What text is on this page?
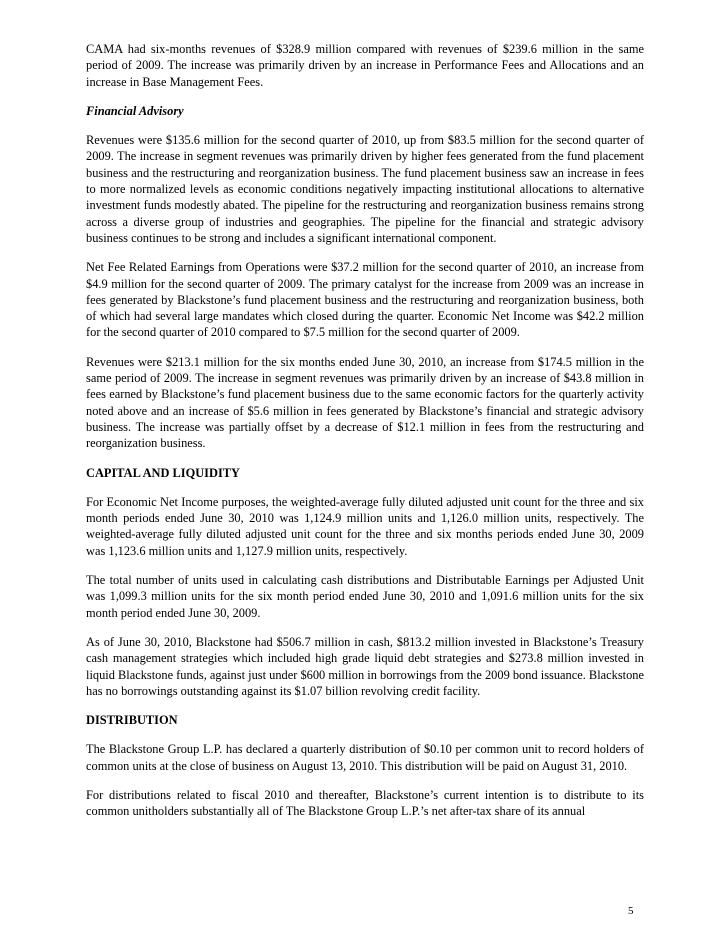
CAMA had six-months revenues of $328.9 million compared with revenues of $239.6 million in the same period of 2009. The increase was primarily driven by an increase in Performance Fees and Allocations and an increase in Base Management Fees.

Financial Advisory

Revenues were $135.6 million for the second quarter of 2010, up from $83.5 million for the second quarter of 2009. The increase in segment revenues was primarily driven by higher fees generated from the fund placement business and the restructuring and reorganization business. The fund placement business saw an increase in fees to more normalized levels as economic conditions negatively impacting institutional allocations to alternative investment funds modestly abated. The pipeline for the restructuring and reorganization business remains strong across a diverse group of industries and geographies. The pipeline for the financial and strategic advisory business continues to be strong and includes a significant international component.

Net Fee Related Earnings from Operations were $37.2 million for the second quarter of 2010, an increase from $4.9 million for the second quarter of 2009. The primary catalyst for the increase from 2009 was an increase in fees generated by Blackstone’s fund placement business and the restructuring and reorganization business, both of which had several large mandates which closed during the quarter. Economic Net Income was $42.2 million for the second quarter of 2010 compared to $7.5 million for the second quarter of 2009.

Revenues were $213.1 million for the six months ended June 30, 2010, an increase from $174.5 million in the same period of 2009. The increase in segment revenues was primarily driven by an increase of $43.8 million in fees earned by Blackstone’s fund placement business due to the same economic factors for the quarterly activity noted above and an increase of $5.6 million in fees generated by Blackstone’s financial and strategic advisory business. The increase was partially offset by a decrease of $12.1 million in fees from the restructuring and reorganization business.

CAPITAL AND LIQUIDITY

For Economic Net Income purposes, the weighted-average fully diluted adjusted unit count for the three and six month periods ended June 30, 2010 was 1,124.9 million units and 1,126.0 million units, respectively. The weighted-average fully diluted adjusted unit count for the three and six months periods ended June 30, 2009 was 1,123.6 million units and 1,127.9 million units, respectively.

The total number of units used in calculating cash distributions and Distributable Earnings per Adjusted Unit was 1,099.3 million units for the six month period ended June 30, 2010 and 1,091.6 million units for the six month period ended June 30, 2009.

As of June 30, 2010, Blackstone had $506.7 million in cash, $813.2 million invested in Blackstone’s Treasury cash management strategies which included high grade liquid debt strategies and $273.8 million invested in liquid Blackstone funds, against just under $600 million in borrowings from the 2009 bond issuance. Blackstone has no borrowings outstanding against its $1.07 billion revolving credit facility.

DISTRIBUTION

The Blackstone Group L.P. has declared a quarterly distribution of $0.10 per common unit to record holders of common units at the close of business on August 13, 2010. This distribution will be paid on August 31, 2010.

For distributions related to fiscal 2010 and thereafter, Blackstone’s current intention is to distribute to its common unitholders substantially all of The Blackstone Group L.P.’s net after-tax share of its annual

5
